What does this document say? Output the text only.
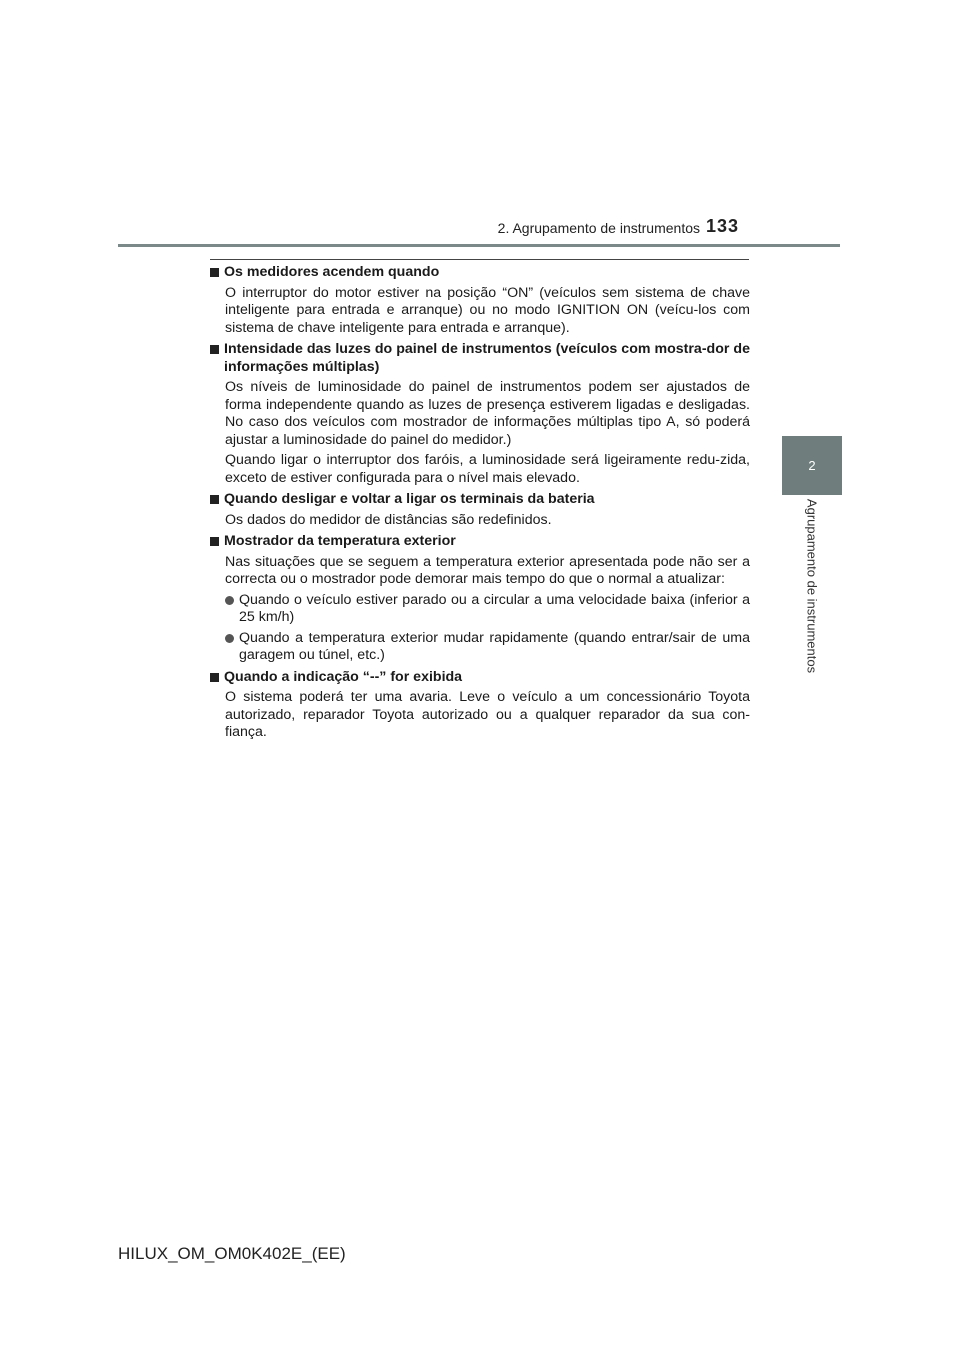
2. Agrupamento de instrumentos 133
2
Agrupamento de instrumentos
Os medidores acendem quando
O interruptor do motor estiver na posição “ON” (veículos sem sistema de chave inteligente para entrada e arranque) ou no modo IGNITION ON (veícu-los com sistema de chave inteligente para entrada e arranque).
Intensidade das luzes do painel de instrumentos (veículos com mostra-dor de informações múltiplas)
Os níveis de luminosidade do painel de instrumentos podem ser ajustados de forma independente quando as luzes de presença estiverem ligadas e desligadas. No caso dos veículos com mostrador de informações múltiplas tipo A, só poderá ajustar a luminosidade do painel do medidor.)
Quando ligar o interruptor dos faróis, a luminosidade será ligeiramente redu-zida, exceto de estiver configurada para o nível mais elevado.
Quando desligar e voltar a ligar os terminais da bateria
Os dados do medidor de distâncias são redefinidos.
Mostrador da temperatura exterior
Nas situações que se seguem a temperatura exterior apresentada pode não ser a correcta ou o mostrador pode demorar mais tempo do que o normal a atualizar:
Quando o veículo estiver parado ou a circular a uma velocidade baixa (inferior a 25 km/h)
Quando a temperatura exterior mudar rapidamente (quando entrar/sair de uma garagem ou túnel, etc.)
Quando a indicação “--” for exibida
O sistema poderá ter uma avaria. Leve o veículo a um concessionário Toyota autorizado, reparador Toyota autorizado ou a qualquer reparador da sua con-fiança.
HILUX_OM_OM0K402E_(EE)
